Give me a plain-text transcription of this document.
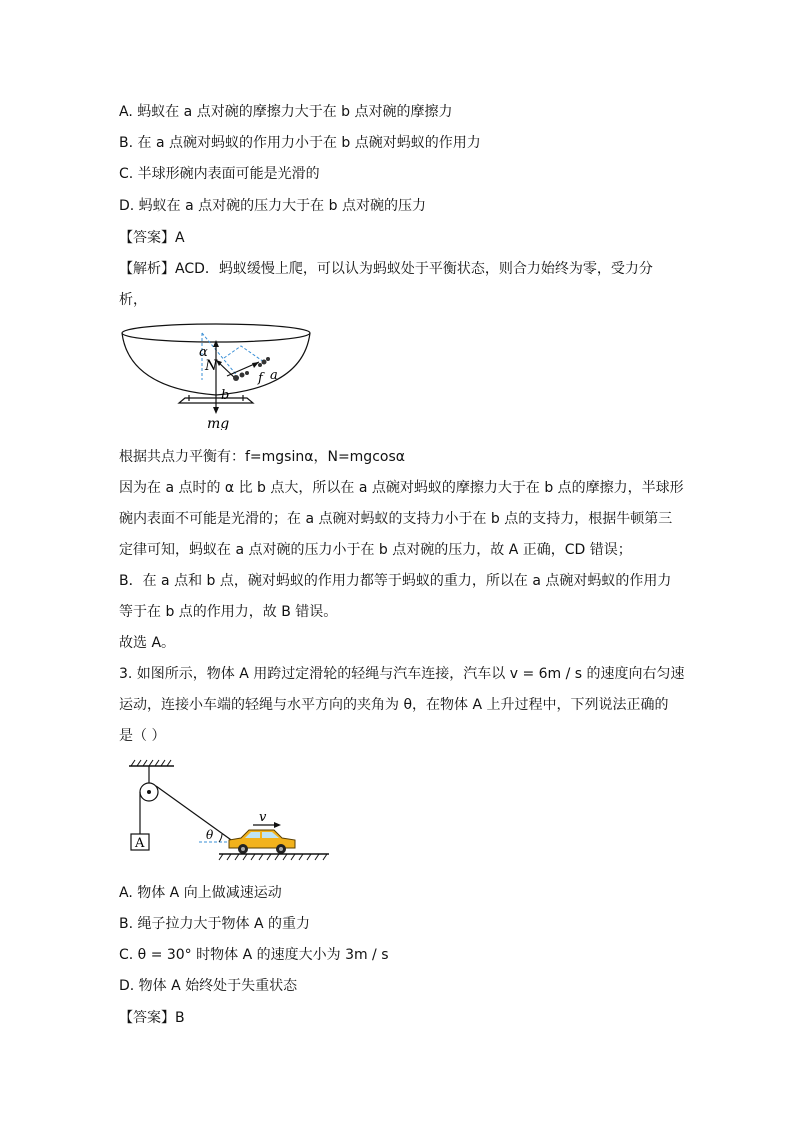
A. 蚂蚁在 a 点对碗的摩擦力大于在 b 点对碗的摩擦力
B. 在 a 点碗对蚂蚁的作用力小于在 b 点碗对蚂蚁的作用力
C. 半球形碗内表面可能是光滑的
D. 蚂蚁在 a 点对碗的压力大于在 b 点对碗的压力
【答案】A
【解析】ACD．蚂蚁缓慢上爬，可以认为蚂蚁处于平衡状态，则合力始终为零，受力分
析，
α
N
f a
b
mg
根据共点力平衡有：f=mgsinα，N=mgcosα
因为在 a 点时的 α 比 b 点大，所以在 a 点碗对蚂蚁的摩擦力大于在 b 点的摩擦力，半球形
碗内表面不可能是光滑的；在 a 点碗对蚂蚁的支持力小于在 b 点的支持力，根据牛顿第三
定律可知，蚂蚁在 a 点对碗的压力小于在 b 点对碗的压力，故 A 正确，CD 错误；
B．在 a 点和 b 点，碗对蚂蚁的作用力都等于蚂蚁的重力，所以在 a 点碗对蚂蚁的作用力
等于在 b 点的作用力，故 B 错误。
故选 A。
3. 如图所示，物体 A 用跨过定滑轮的轻绳与汽车连接，汽车以 v = 6m / s 的速度向右匀速
运动，连接小车端的轻绳与水平方向的夹角为 θ，在物体 A 上升过程中，下列说法正确的
是（ ）
A
θ
v
A. 物体 A 向上做减速运动
B. 绳子拉力大于物体 A 的重力
C. θ = 30° 时物体 A 的速度大小为 3m / s
D. 物体 A 始终处于失重状态
【答案】B
